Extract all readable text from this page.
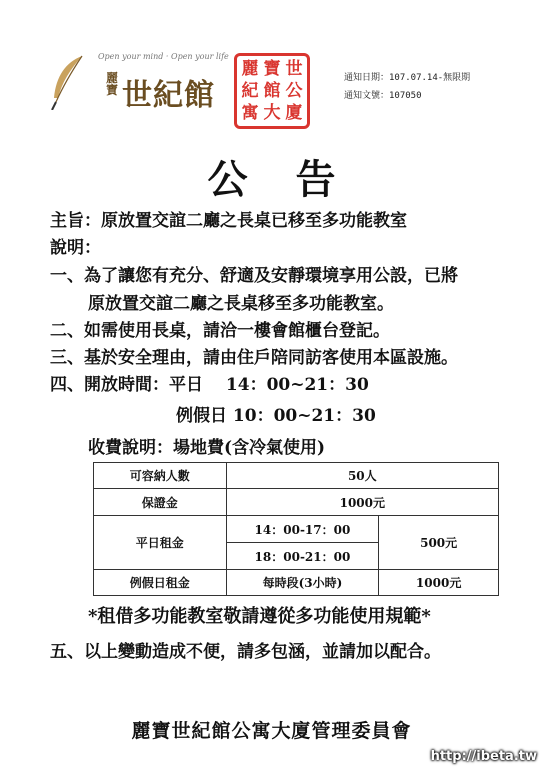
Open your mind · Open your life
麗寶 世紀館
麗 寶 世
紀 館 公
寓 大 廈
通知日期：107.07.14-無限期
通知文號：107050
公告
主旨：原放置交誼二廳之長桌已移至多功能教室
說明：
一、為了讓您有充分、舒適及安靜環境享用公設，已將
原放置交誼二廳之長桌移至多功能教室。
二、如需使用長桌，請洽一樓會館櫃台登記。
三、基於安全理由，請由住戶陪同訪客使用本區設施。
四、開放時間：平日　 14：00~21：30
例假日 10：00~21：30
收費說明：場地費(含冷氣使用)
可容納人數	50人	
保證金	1000元	
平日租金	14：00-17：00	500元
	18：00-21：00	
例假日租金	每時段(3小時)	1000元
*租借多功能教室敬請遵從多功能使用規範*
五、以上變動造成不便，請多包涵，並請加以配合。
麗寶世紀館公寓大廈管理委員會
http://ibeta.tw
